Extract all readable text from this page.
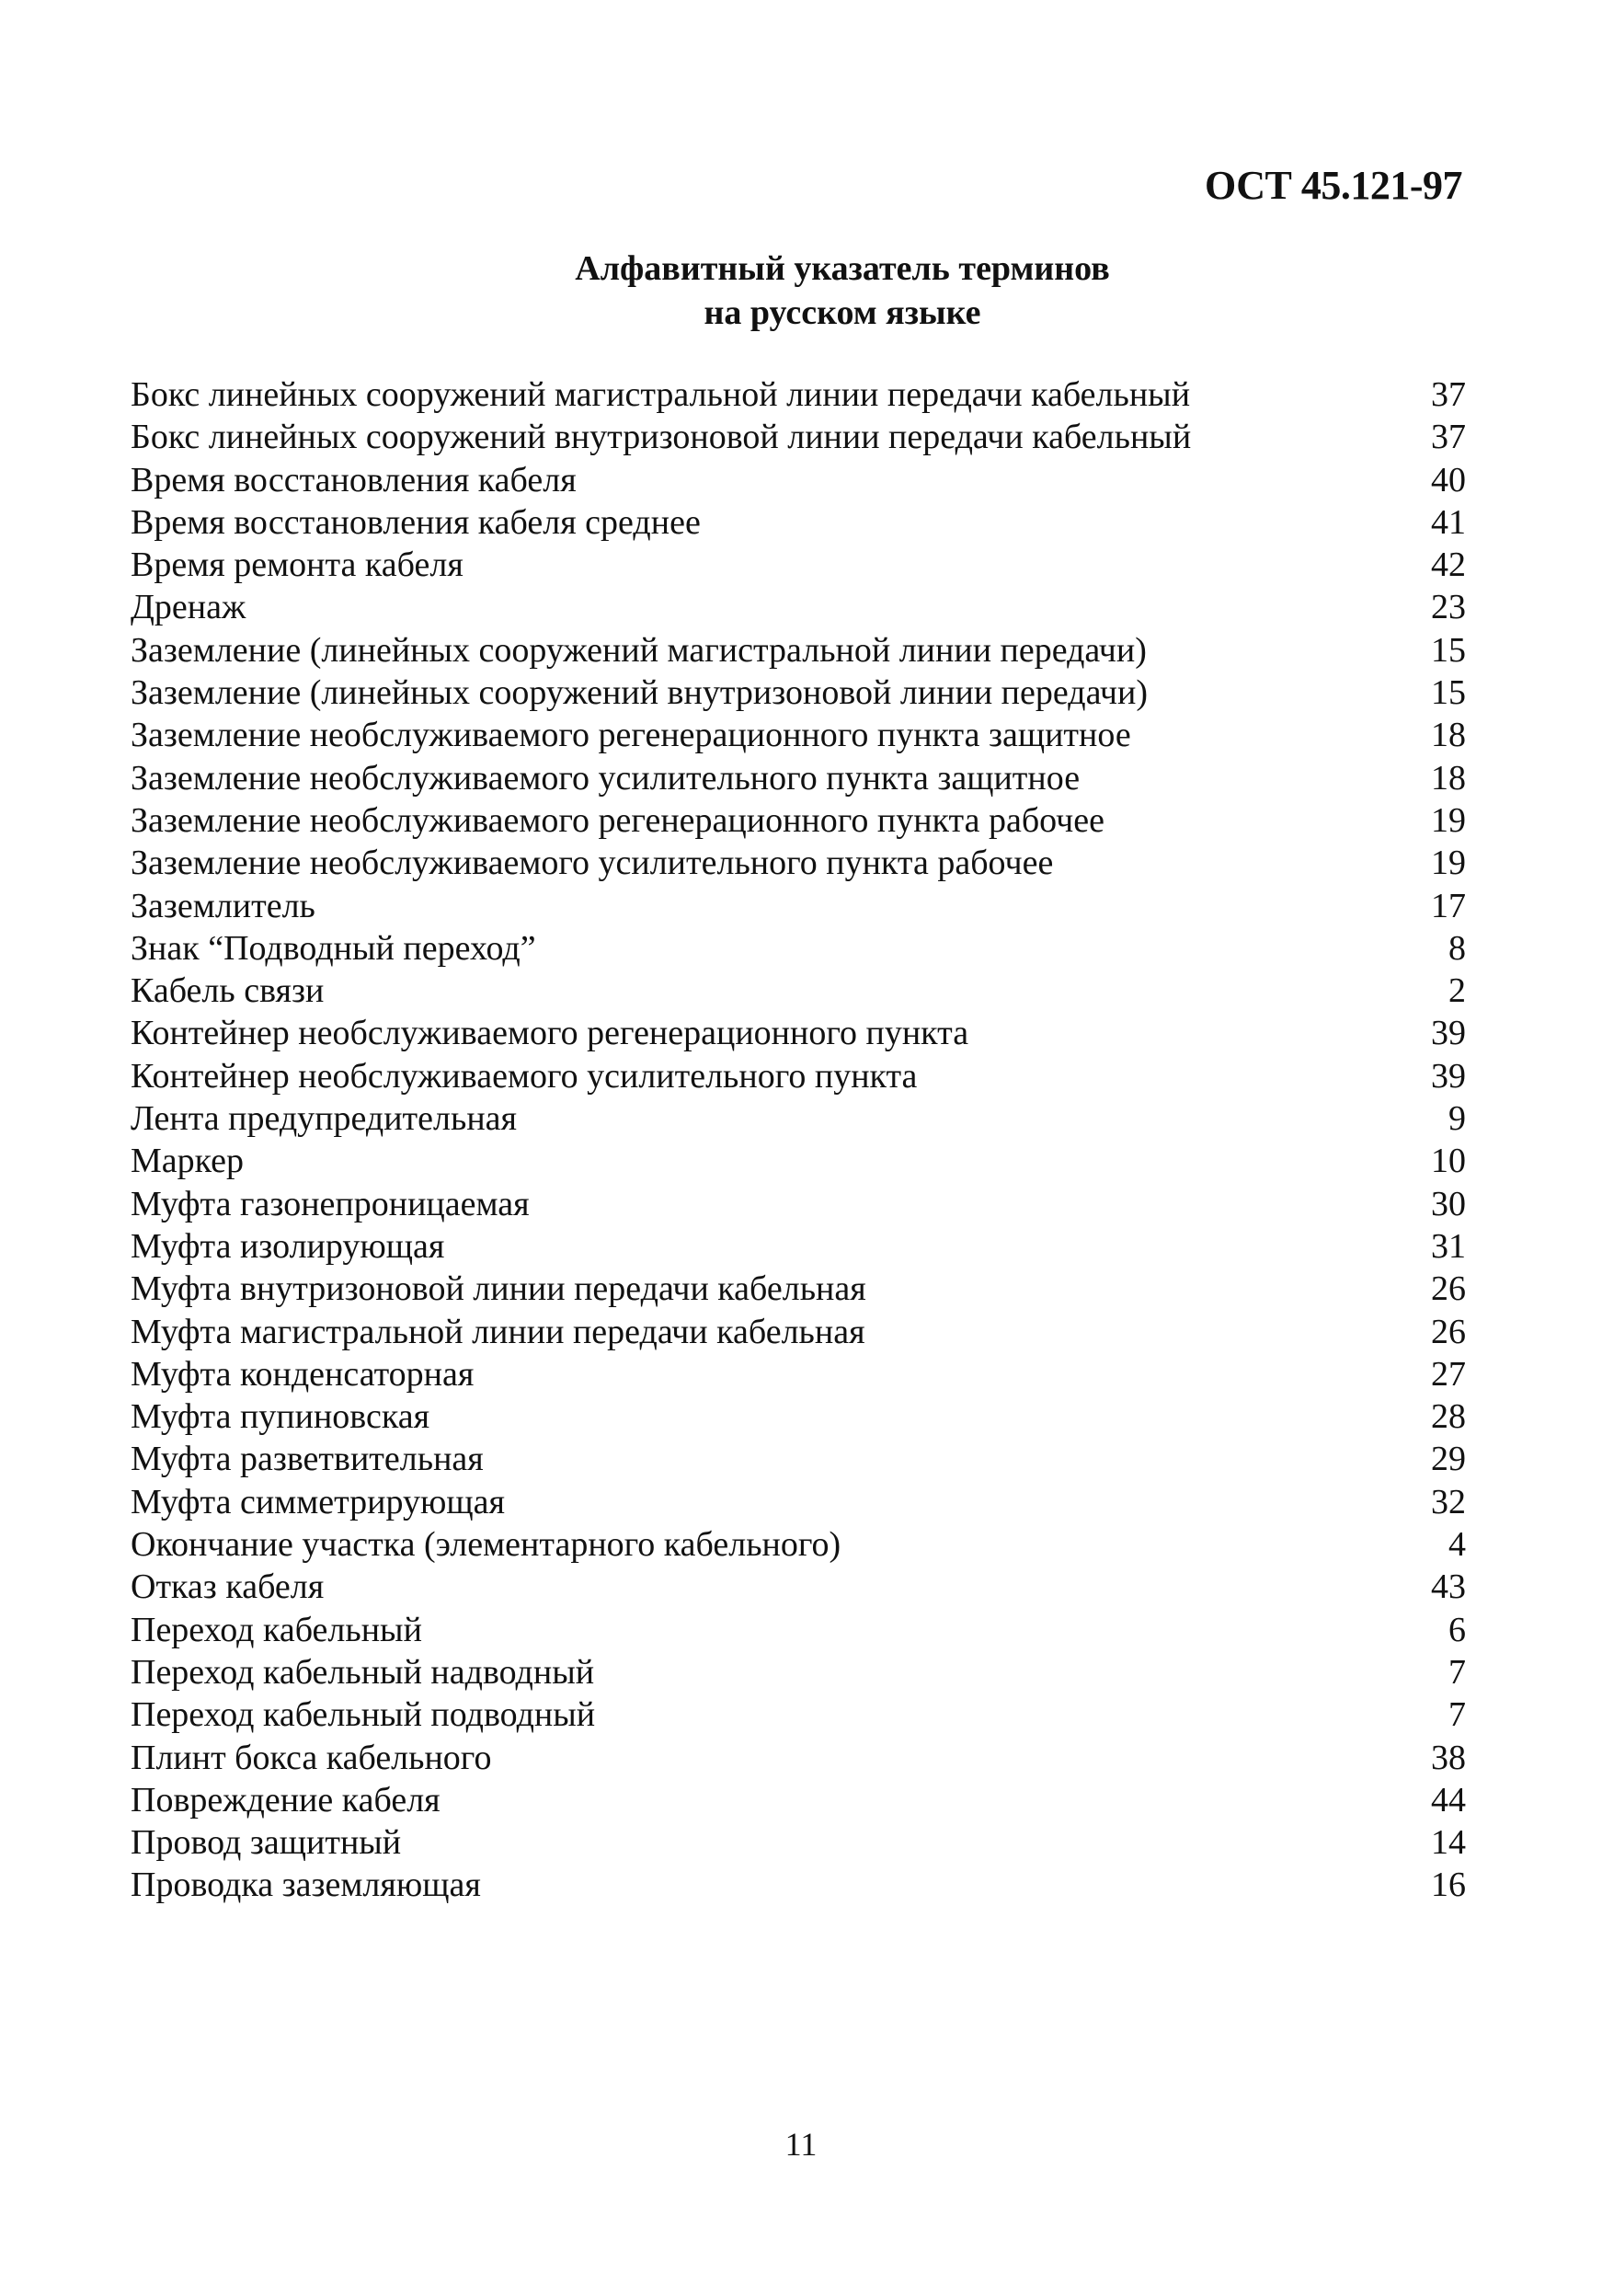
ОСТ 45.121-97
Алфавитный указатель терминов
на русском языке
Бокс линейных сооружений магистральной линии передачи кабельный	37
Бокс линейных сооружений внутризоновой линии передачи кабельный	37
Время восстановления кабеля	40
Время восстановления кабеля среднее	41
Время ремонта кабеля	42
Дренаж	23
Заземление (линейных сооружений магистральной линии передачи)	15
Заземление (линейных сооружений внутризоновой линии передачи)	15
Заземление необслуживаемого регенерационного пункта защитное	18
Заземление необслуживаемого усилительного пункта защитное	18
Заземление необслуживаемого регенерационного пункта рабочее	19
Заземление необслуживаемого усилительного пункта рабочее	19
Заземлитель	17
Знак “Подводный переход”	8
Кабель связи	2
Контейнер необслуживаемого регенерационного пункта	39
Контейнер необслуживаемого усилительного пункта	39
Лента предупредительная	9
Маркер	10
Муфта газонепроницаемая	30
Муфта изолирующая	31
Муфта внутризоновой линии передачи кабельная	26
Муфта магистральной линии передачи кабельная	26
Муфта конденсаторная	27
Муфта пупиновская	28
Муфта разветвительная	29
Муфта симметрирующая	32
Окончание участка (элементарного кабельного)	4
Отказ кабеля	43
Переход кабельный	6
Переход кабельный надводный	7
Переход кабельный подводный	7
Плинт бокса кабельного	38
Повреждение кабеля	44
Провод защитный	14
Проводка заземляющая	16
11
